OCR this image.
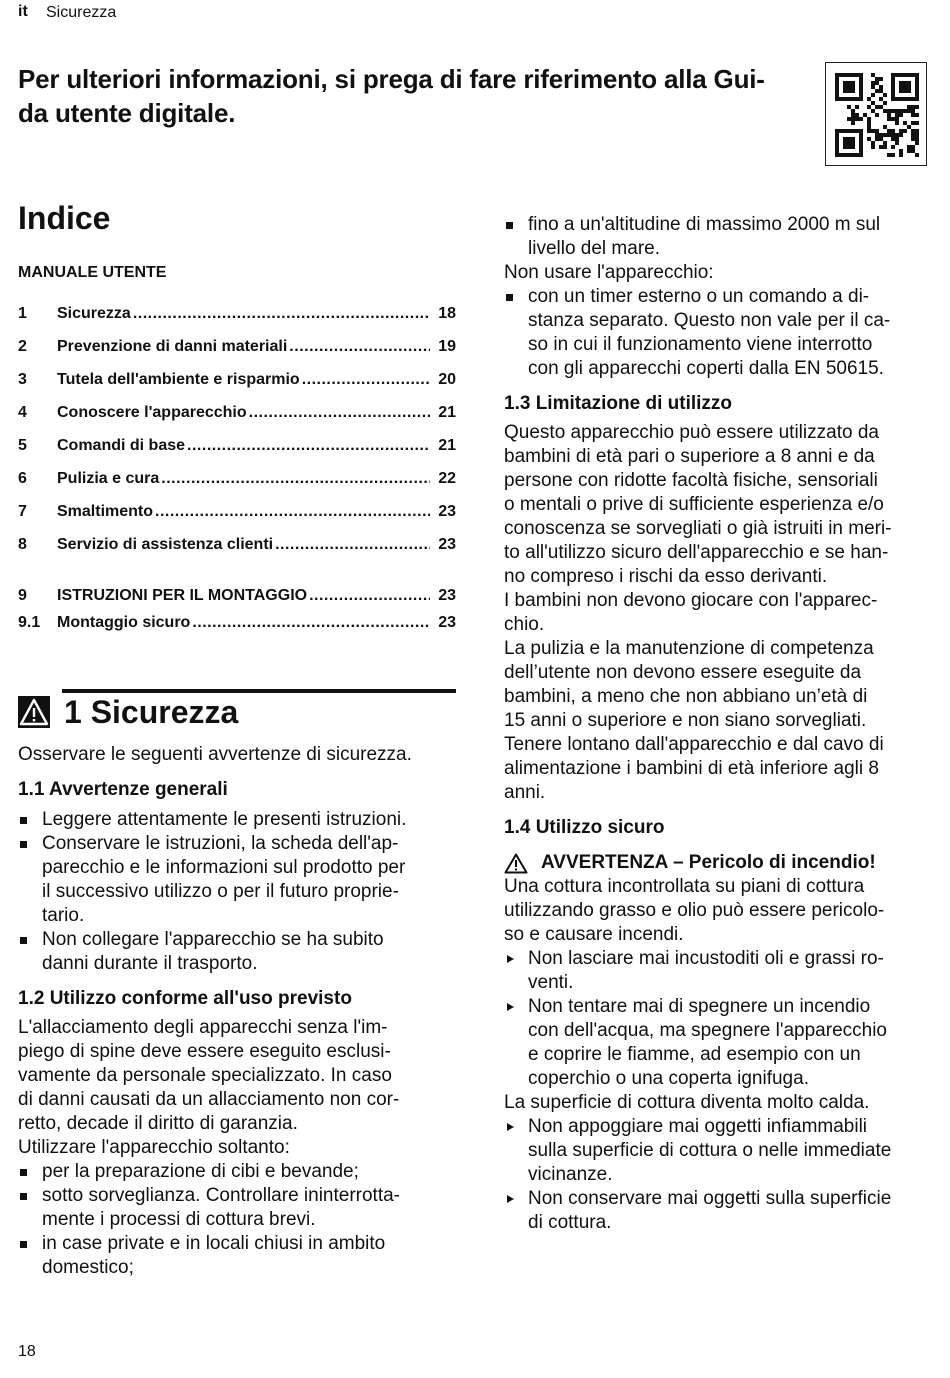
it Sicurezza
Per ulteriori informazioni, si prega di fare riferimento alla Gui-
da utente digitale.
Indice
MANUALE UTENTE
1	Sicurezza .....	18
2	Prevenzione di danni materiali .....	19
3	Tutela dell'ambiente e risparmio .....	20
4	Conoscere l'apparecchio .....	21
5	Comandi di base .....	21
6	Pulizia e cura .....	22
7	Smaltimento .....	23
8	Servizio di assistenza clienti .....	23
9	ISTRUZIONI PER IL MONTAGGIO .....	23
9.1	Montaggio sicuro .....	23
1 Sicurezza

Osservare le seguenti avvertenze di sicurezza.

1.1 Avvertenze generali

Leggere attentamente le presenti istruzioni.

Conservare le istruzioni, la scheda dell'ap-
parecchio e le informazioni sul prodotto per
il successivo utilizzo o per il futuro proprie-
tario.

Non collegare l'apparecchio se ha subito
danni durante il trasporto.

1.2 Utilizzo conforme all'uso previsto

L'allacciamento degli apparecchi senza l'im-
piego di spine deve essere eseguito esclusi-
vamente da personale specializzato. In caso
di danni causati da un allacciamento non cor-
retto, decade il diritto di garanzia.

Utilizzare l'apparecchio soltanto:

per la preparazione di cibi e bevande;

sotto sorveglianza. Controllare ininterrotta-
mente i processi di cottura brevi.

in case private e in locali chiusi in ambito
domestico;

fino a un'altitudine di massimo 2000 m sul
livello del mare.

Non usare l'apparecchio:

con un timer esterno o un comando a di-
stanza separato. Questo non vale per il ca-
so in cui il funzionamento viene interrotto
con gli apparecchi coperti dalla EN 50615.

1.3 Limitazione di utilizzo

Questo apparecchio può essere utilizzato da
bambini di età pari o superiore a 8 anni e da
persone con ridotte facoltà fisiche, sensoriali
o mentali o prive di sufficiente esperienza e/o
conoscenza se sorvegliati o già istruiti in meri-
to all'utilizzo sicuro dell'apparecchio e se han-
no compreso i rischi da esso derivanti.

I bambini non devono giocare con l'apparec-
chio.

La pulizia e la manutenzione di competenza
dell’utente non devono essere eseguite da
bambini, a meno che non abbiano un’età di
15 anni o superiore e non siano sorvegliati.

Tenere lontano dall'apparecchio e dal cavo di
alimentazione i bambini di età inferiore agli 8
anni.

1.4 Utilizzo sicuro

AVVERTENZA – Pericolo di incendio!

Una cottura incontrollata su piani di cottura
utilizzando grasso e olio può essere pericolo-
so e causare incendi.

Non lasciare mai incustoditi oli e grassi ro-
venti.

Non tentare mai di spegnere un incendio
con dell'acqua, ma spegnere l'apparecchio
e coprire le fiamme, ad esempio con un
coperchio o una coperta ignifuga.

La superficie di cottura diventa molto calda.

Non appoggiare mai oggetti infiammabili
sulla superficie di cottura o nelle immediate
vicinanze.

Non conservare mai oggetti sulla superficie
di cottura.

18
